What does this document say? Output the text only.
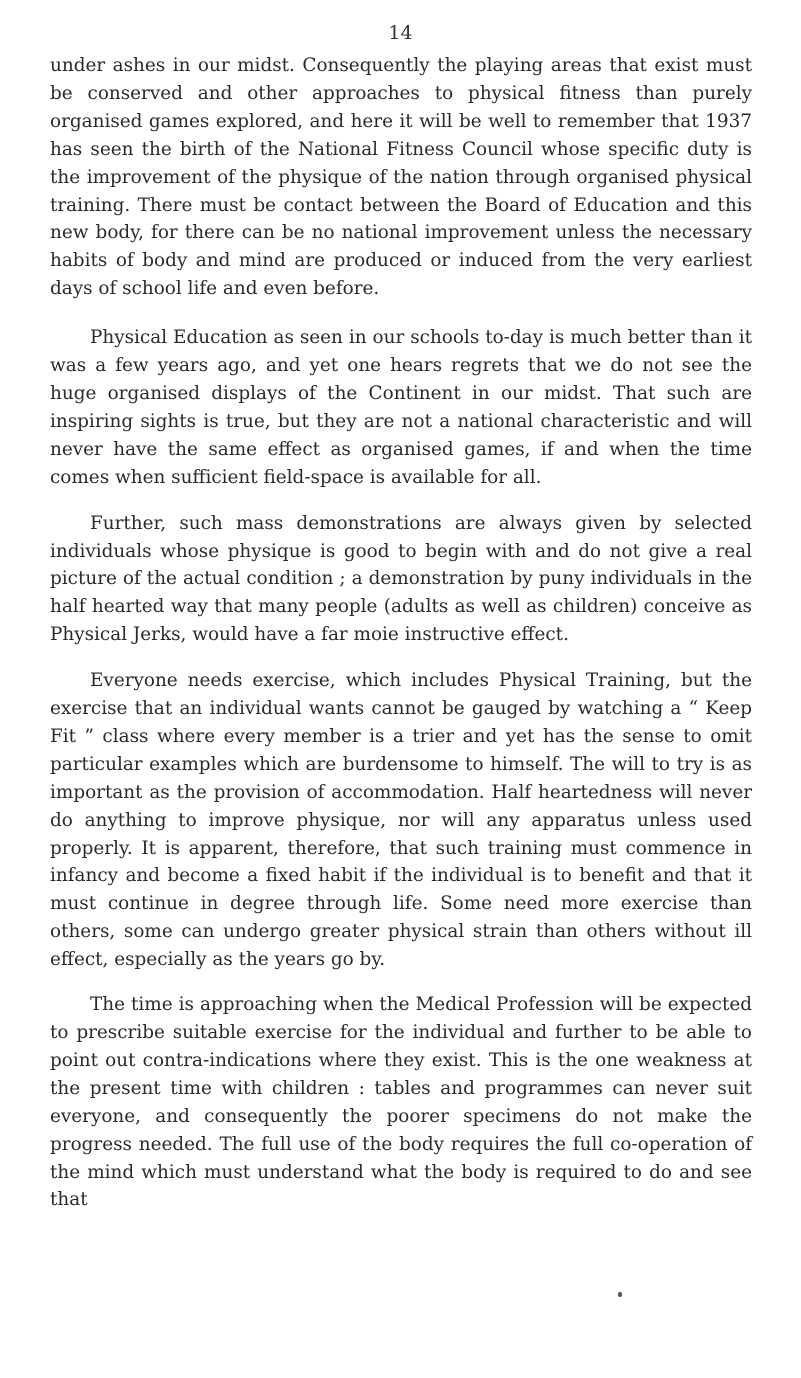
14

under ashes in our midst. Consequently the playing areas that exist must be conserved and other approaches to physical fitness than purely organised games explored, and here it will be well to remember that 1937 has seen the birth of the National Fitness Council whose specific duty is the improvement of the physique of the nation through organised physical training. There must be contact between the Board of Education and this new body, for there can be no national improvement unless the necessary habits of body and mind are produced or induced from the very earliest days of school life and even before.

Physical Education as seen in our schools to-day is much better than it was a few years ago, and yet one hears regrets that we do not see the huge organised displays of the Continent in our midst. That such are inspiring sights is true, but they are not a national characteristic and will never have the same effect as organised games, if and when the time comes when sufficient field-space is available for all.

Further, such mass demonstrations are always given by selected individuals whose physique is good to begin with and do not give a real picture of the actual condition ; a demonstration by puny individuals in the half hearted way that many people (adults as well as children) conceive as Physical Jerks, would have a far moie instructive effect.

Everyone needs exercise, which includes Physical Training, but the exercise that an individual wants cannot be gauged by watching a “ Keep Fit ” class where every member is a trier and yet has the sense to omit particular examples which are burdensome to himself. The will to try is as important as the provision of accommodation. Half heartedness will never do anything to improve physique, nor will any apparatus unless used properly. It is apparent, therefore, that such training must commence in infancy and become a fixed habit if the individual is to benefit and that it must continue in degree through life. Some need more exercise than others, some can undergo greater physical strain than others without ill effect, especially as the years go by.

The time is approaching when the Medical Profession will be expected to prescribe suitable exercise for the individual and further to be able to point out contra-indications where they exist. This is the one weakness at the present time with children : tables and programmes can never suit everyone, and consequently the poorer specimens do not make the progress needed. The full use of the body requires the full co-operation of the mind which must understand what the body is required to do and see that
